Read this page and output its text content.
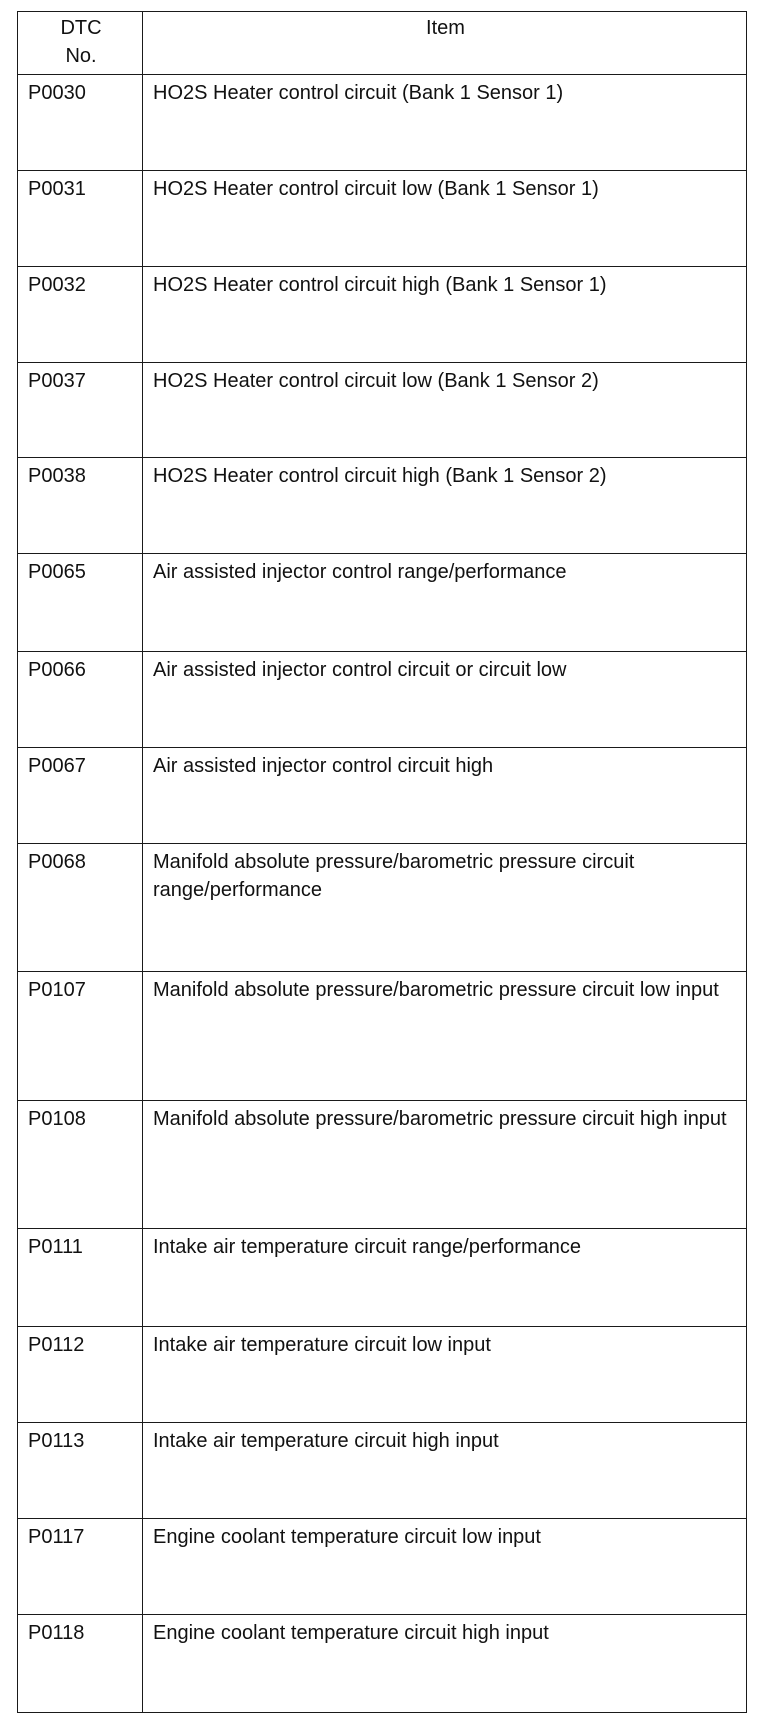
DTC
No.	Item
P0030	HO2S Heater control circuit (Bank 1 Sensor 1)
P0031	HO2S Heater control circuit low (Bank 1 Sensor 1)
P0032	HO2S Heater control circuit high (Bank 1 Sensor 1)
P0037	HO2S Heater control circuit low (Bank 1 Sensor 2)
P0038	HO2S Heater control circuit high (Bank 1 Sensor 2)
P0065	Air assisted injector control range/performance
P0066	Air assisted injector control circuit or circuit low
P0067	Air assisted injector control circuit high
P0068	Manifold absolute pressure/barometric pressure circuit range/performance
P0107	Manifold absolute pressure/barometric pressure circuit low input
P0108	Manifold absolute pressure/barometric pressure circuit high input
P0111	Intake air temperature circuit range/performance
P0112	Intake air temperature circuit low input
P0113	Intake air temperature circuit high input
P0117	Engine coolant temperature circuit low input
P0118	Engine coolant temperature circuit high input
